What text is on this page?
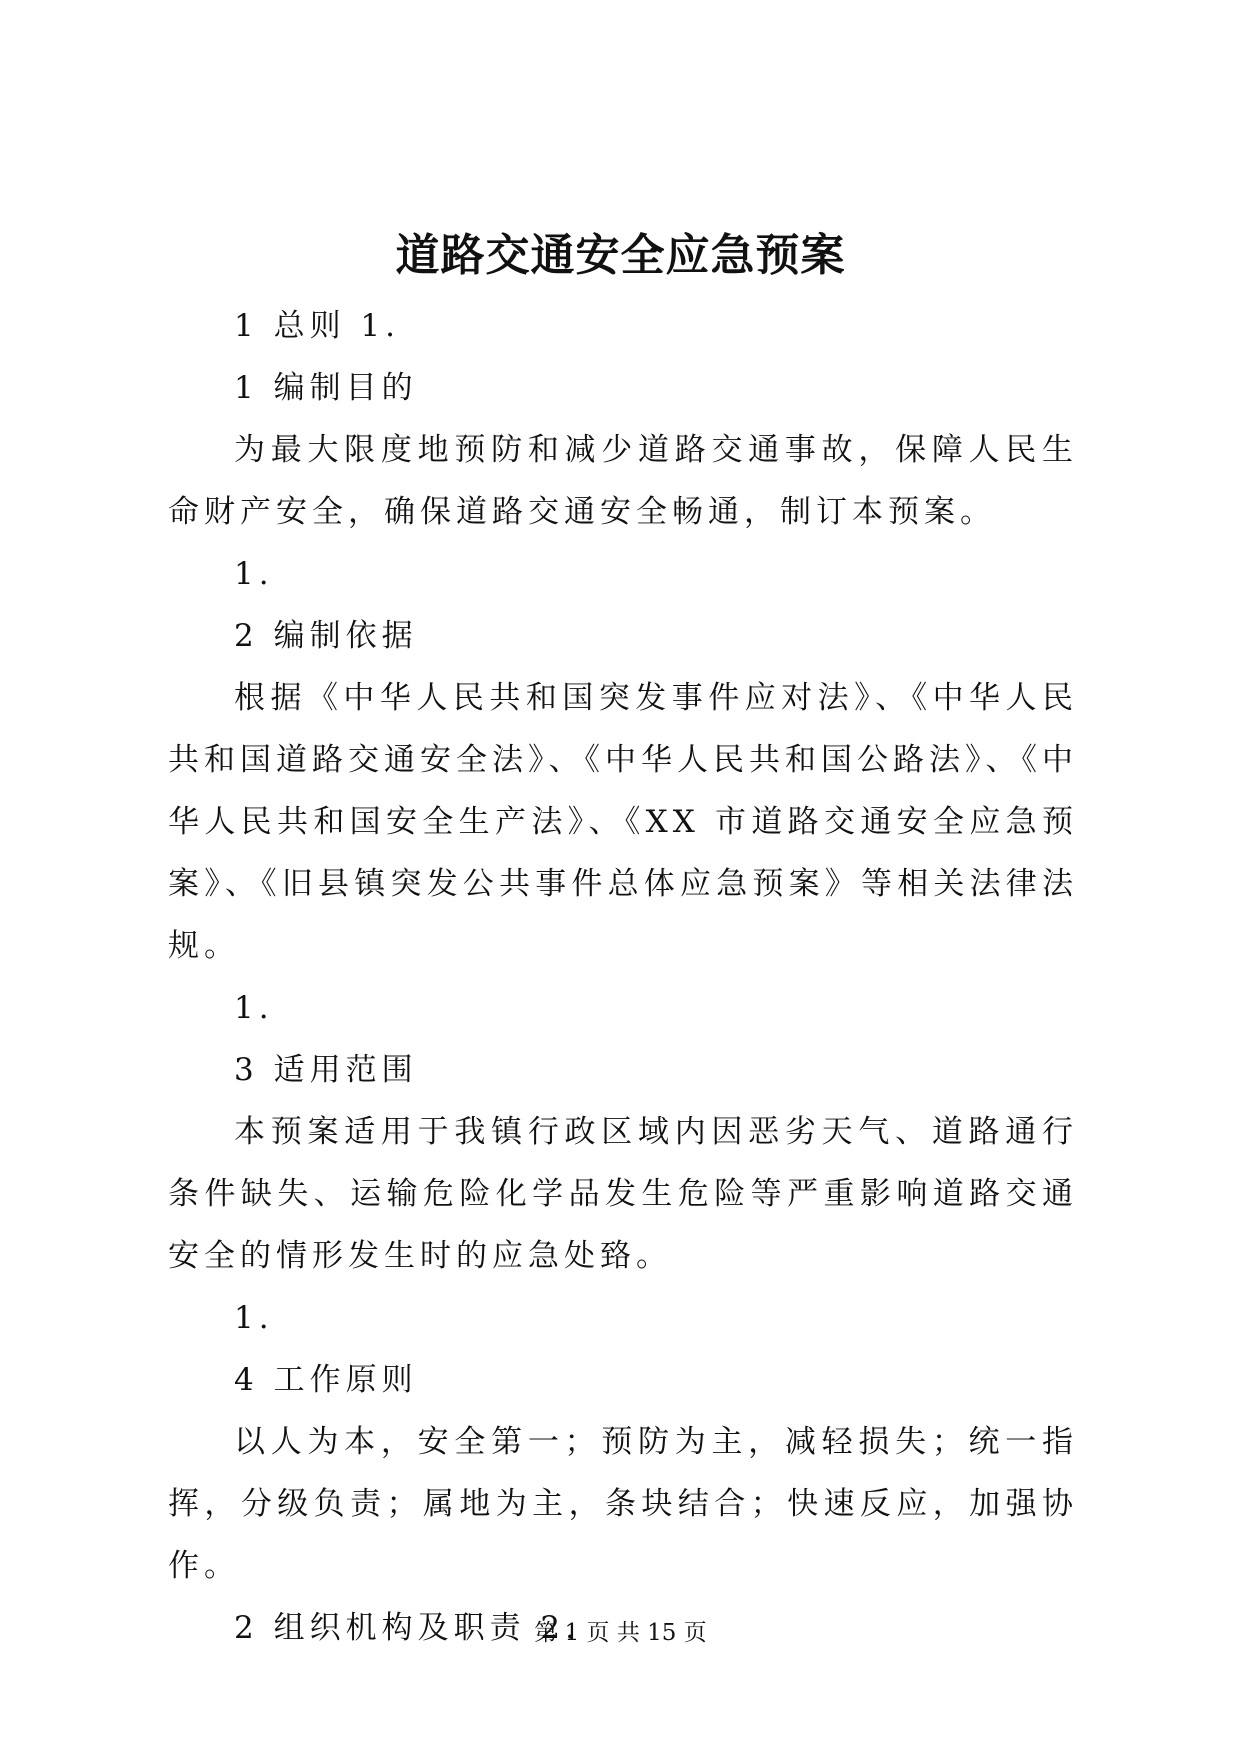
道路交通安全应急预案

1 总则 1.

1 编制目的

为最大限度地预防和减少道路交通事故，保障人民生命财产安全，确保道路交通安全畅通，制订本预案。

1.

2 编制依据

根据《中华人民共和国突发事件应对法》、《中华人民共和国道路交通安全法》、《中华人民共和国公路法》、《中华人民共和国安全生产法》、《XX 市道路交通安全应急预案》、《旧县镇突发公共事件总体应急预案》等相关法律法规。

1.

3 适用范围

本预案适用于我镇行政区域内因恶劣天气、道路通行条件缺失、运输危险化学品发生危险等严重影响道路交通安全的情形发生时的应急处臵。

1.

4 工作原则

以人为本，安全第一；预防为主，减轻损失；统一指挥，分级负责；属地为主，条块结合；快速反应，加强协作。

2 组织机构及职责 2.

第 1 页 共 15 页
